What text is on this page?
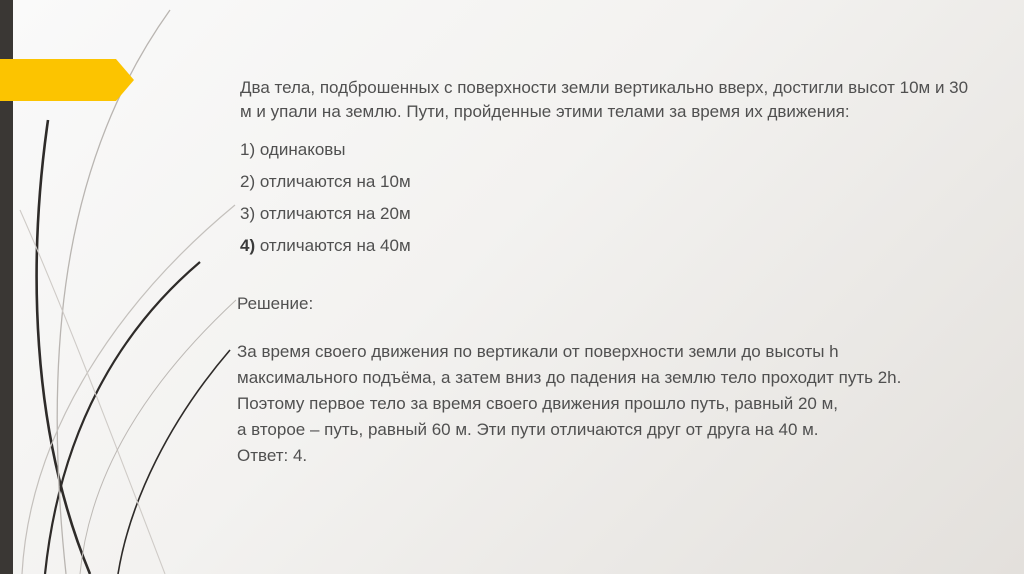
Два тела, подброшенных с поверхности земли вертикально вверх, достигли высот 10м и 30 м и упали на землю. Пути, пройденные этими телами за время их движения:

1) одинаковы
2) отличаются на 10м
3) отличаются на 20м
4) отличаются на 40м
Решение:
За время своего движения по вертикали от поверхности земли до высоты h
максимального подъёма, а затем вниз до падения на землю тело проходит путь 2h.
Поэтому первое тело за время своего движения прошло путь, равный 20 м,
а второе – путь, равный 60 м. Эти пути отличаются друг от друга на 40 м.
Ответ: 4.
